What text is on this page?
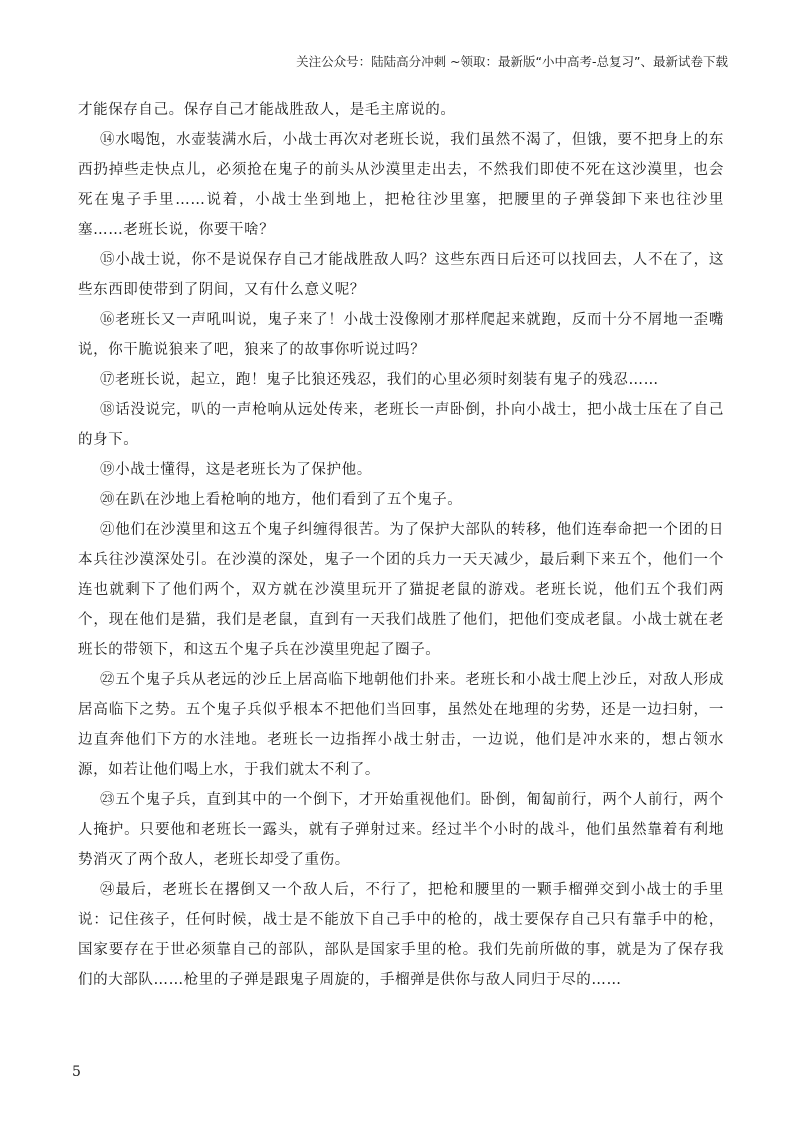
关注公众号：陆陆高分冲刺 ~领取：最新版“小中高考-总复习”、最新试卷下载

才能保存自己。保存自己才能战胜敌人，是毛主席说的。

⑭水喝饱，水壶装满水后，小战士再次对老班长说，我们虽然不渴了，但饿，要不把身上的东西扔掉些走快点儿，必须抢在鬼子的前头从沙漠里走出去，不然我们即使不死在这沙漠里，也会死在鬼子手里……说着，小战士坐到地上，把枪往沙里塞，把腰里的子弹袋卸下来也往沙里塞……老班长说，你要干啥？

⑮小战士说，你不是说保存自己才能战胜敌人吗？这些东西日后还可以找回去，人不在了，这些东西即使带到了阴间，又有什么意义呢？

⑯老班长又一声吼叫说，鬼子来了！小战士没像刚才那样爬起来就跑，反而十分不屑地一歪嘴说，你干脆说狼来了吧，狼来了的故事你听说过吗？

⑰老班长说，起立，跑！鬼子比狼还残忍，我们的心里必须时刻装有鬼子的残忍……

⑱话没说完，叭的一声枪响从远处传来，老班长一声卧倒，扑向小战士，把小战士压在了自己的身下。

⑲小战士懂得，这是老班长为了保护他。

⑳在趴在沙地上看枪响的地方，他们看到了五个鬼子。

㉑他们在沙漠里和这五个鬼子纠缠得很苦。为了保护大部队的转移，他们连奉命把一个团的日本兵往沙漠深处引。在沙漠的深处，鬼子一个团的兵力一天天减少，最后剩下来五个，他们一个连也就剩下了他们两个，双方就在沙漠里玩开了猫捉老鼠的游戏。老班长说，他们五个我们两个，现在他们是猫，我们是老鼠，直到有一天我们战胜了他们，把他们变成老鼠。小战士就在老班长的带领下，和这五个鬼子兵在沙漠里兜起了圈子。

㉒五个鬼子兵从老远的沙丘上居高临下地朝他们扑来。老班长和小战士爬上沙丘，对敌人形成居高临下之势。五个鬼子兵似乎根本不把他们当回事，虽然处在地理的劣势，还是一边扫射，一边直奔他们下方的水洼地。老班长一边指挥小战士射击，一边说，他们是冲水来的，想占领水源，如若让他们喝上水，于我们就太不利了。

㉓五个鬼子兵，直到其中的一个倒下，才开始重视他们。卧倒，匍匐前行，两个人前行，两个人掩护。只要他和老班长一露头，就有子弹射过来。经过半个小时的战斗，他们虽然靠着有利地势消灭了两个敌人，老班长却受了重伤。

㉔最后，老班长在撂倒又一个敌人后，不行了，把枪和腰里的一颗手榴弹交到小战士的手里说：记住孩子，任何时候，战士是不能放下自己手中的枪的，战士要保存自己只有靠手中的枪，国家要存在于世必须靠自己的部队，部队是国家手里的枪。我们先前所做的事，就是为了保存我们的大部队……枪里的子弹是跟鬼子周旋的，手榴弹是供你与敌人同归于尽的……

5
